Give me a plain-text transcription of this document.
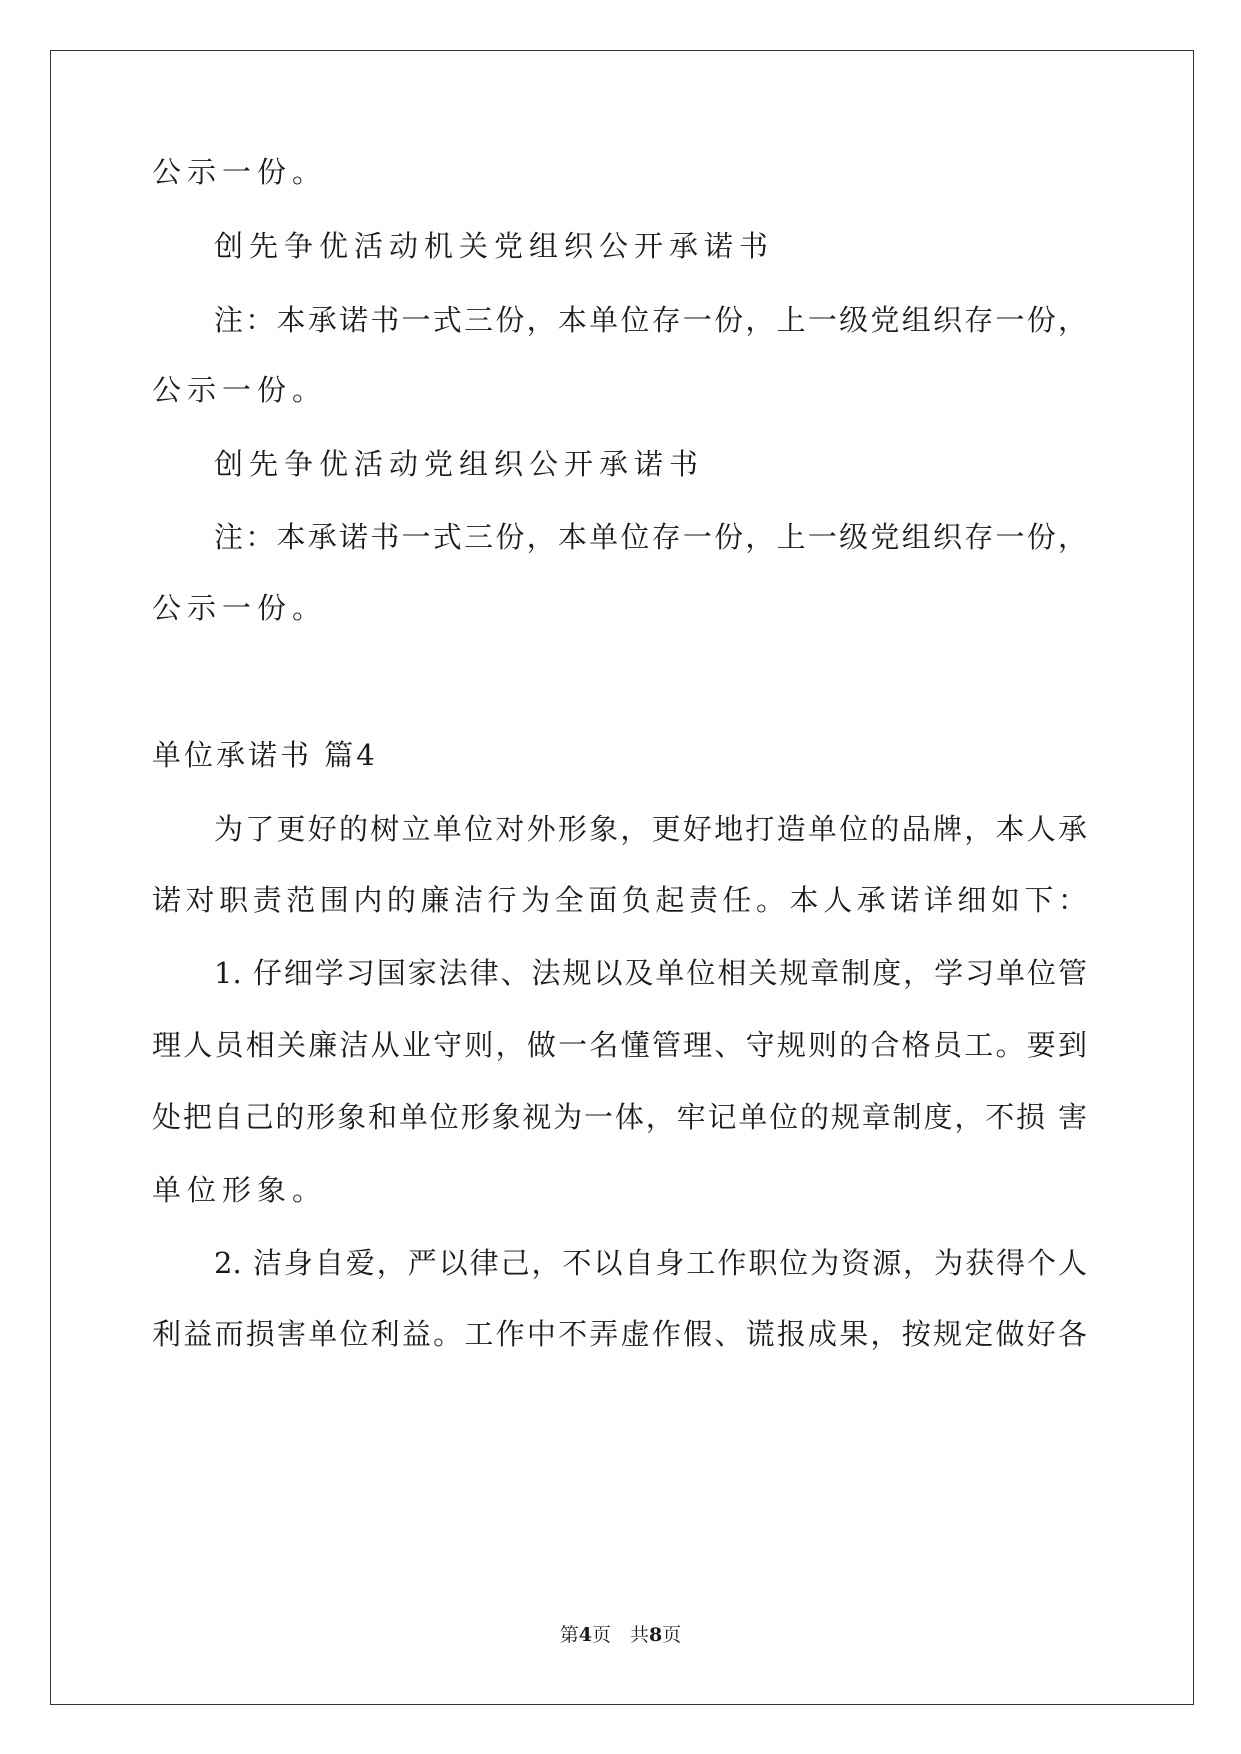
公示一份。
创先争优活动机关党组织公开承诺书
注：本承诺书一式三份，本单位存一份，上一级党组织存一份，
公示一份。
创先争优活动党组织公开承诺书
注：本承诺书一式三份，本单位存一份，上一级党组织存一份，
公示一份。
单位承诺书 篇4
为了更好的树立单位对外形象，更好地打造单位的品牌，本人承
诺对职责范围内的廉洁行为全面负起责任。本人承诺详细如下：
1. 仔细学习国家法律、法规以及单位相关规章制度，学习单位管
理人员相关廉洁从业守则，做一名懂管理、守规则的合格员工。要到
处把自己的形象和单位形象视为一体，牢记单位的规章制度，不损 害
单位形象。
2. 洁身自爱，严以律己，不以自身工作职位为资源，为获得个人
利益而损害单位利益。工作中不弄虚作假、谎报成果，按规定做好各
第4页　共8页
